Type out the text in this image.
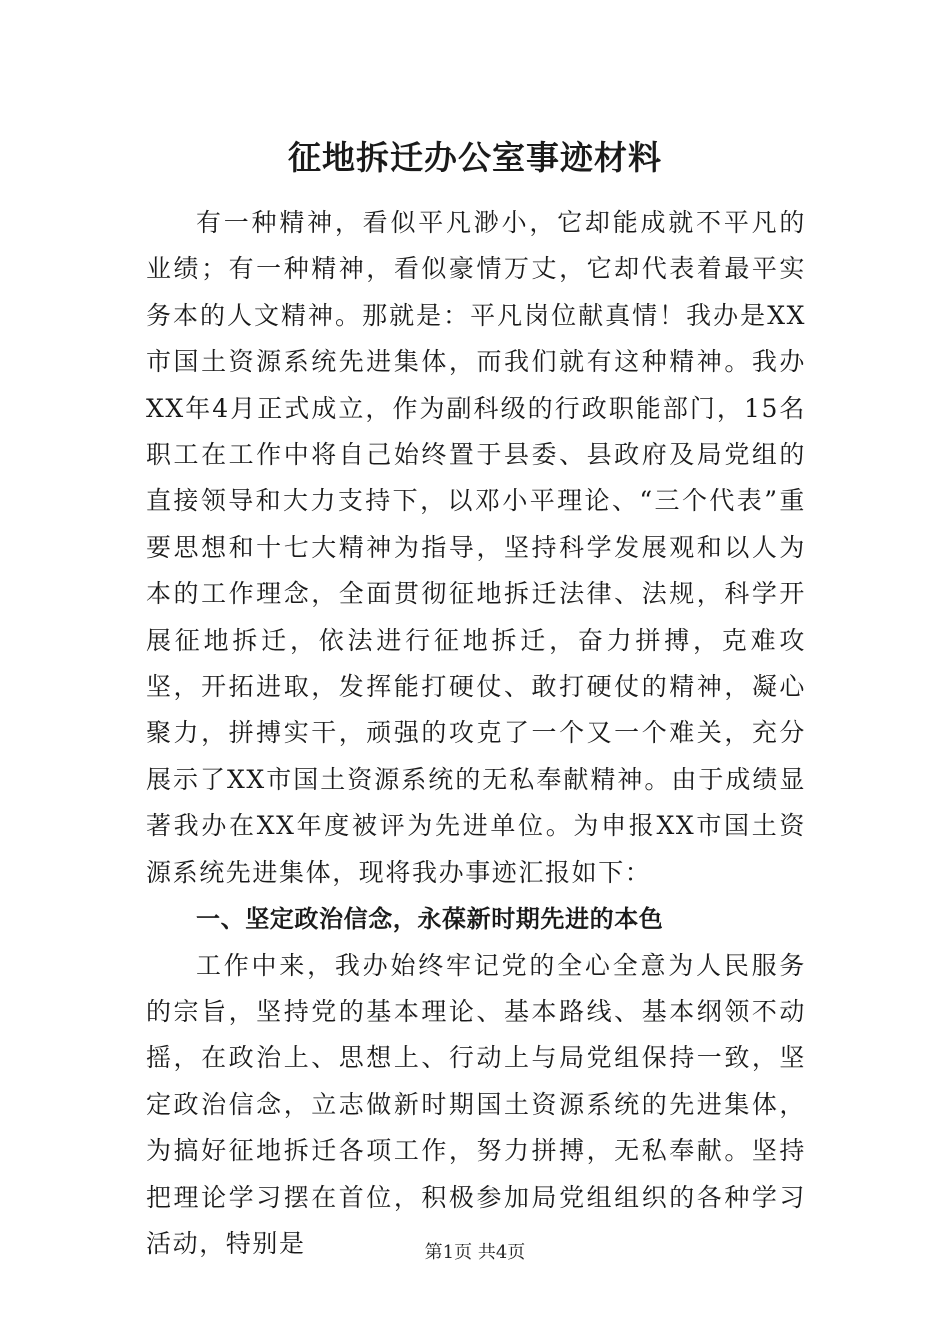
征地拆迁办公室事迹材料

有一种精神，看似平凡渺小，它却能成就不平凡的业绩；有一种精神，看似豪情万丈，它却代表着最平实务本的人文精神。那就是：平凡岗位献真情！我办是XX市国土资源系统先进集体，而我们就有这种精神。我办XX年4月正式成立，作为副科级的行政职能部门，15名职工在工作中将自己始终置于县委、县政府及局党组的直接领导和大力支持下，以邓小平理论、“三个代表”重要思想和十七大精神为指导，坚持科学发展观和以人为本的工作理念，全面贯彻征地拆迁法律、法规，科学开展征地拆迁，依法进行征地拆迁，奋力拼搏，克难攻坚，开拓进取，发挥能打硬仗、敢打硬仗的精神，凝心聚力，拼搏实干，顽强的攻克了一个又一个难关，充分展示了XX市国土资源系统的无私奉献精神。由于成绩显著我办在XX年度被评为先进单位。为申报XX市国土资源系统先进集体，现将我办事迹汇报如下：

一、坚定政治信念，永葆新时期先进的本色

工作中来，我办始终牢记党的全心全意为人民服务的宗旨，坚持党的基本理论、基本路线、基本纲领不动摇，在政治上、思想上、行动上与局党组保持一致，坚定政治信念，立志做新时期国土资源系统的先进集体，为搞好征地拆迁各项工作，努力拼搏，无私奉献。坚持把理论学习摆在首位，积极参加局党组组织的各种学习活动，特别是	第1页 共4页
